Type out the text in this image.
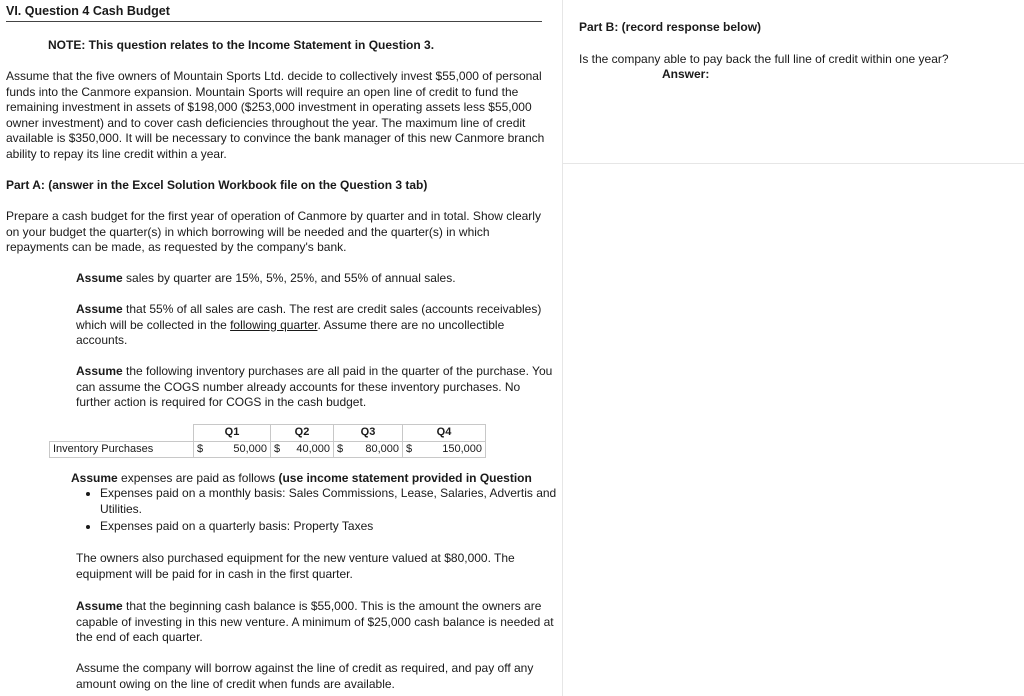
VI. Question 4 Cash Budget
NOTE: This question relates to the Income Statement in Question 3.

Assume that the five owners of Mountain Sports Ltd. decide to collectively invest $55,000 of personal funds into the Canmore expansion. Mountain Sports will require an open line of credit to fund the remaining investment in assets of $198,000 ($253,000 investment in operating assets less $55,000 owner investment) and to cover cash deficiencies throughout the year. The maximum line of credit available is $350,000. It will be necessary to convince the bank manager of this new Canmore branch ability to repay its line credit within a year.

Part A: (answer in the Excel Solution Workbook file on the Question 3 tab)

Prepare a cash budget for the first year of operation of Canmore by quarter and in total. Show clearly on your budget the quarter(s) in which borrowing will be needed and the quarter(s) in which repayments can be made, as requested by the company's bank.

Assume sales by quarter are 15%, 5%, 25%, and 55% of annual sales.

Assume that 55% of all sales are cash. The rest are credit sales (accounts receivables) which will be collected in the following quarter. Assume there are no uncollectible accounts.

Assume the following inventory purchases are all paid in the quarter of the purchase. You can assume the COGS number already accounts for these inventory purchases. No further action is required for COGS in the cash budget.

	Q1		Q2		Q3		Q4	
Inventory Purchases	$	50,000	$	40,000	$	80,000	$	150,000

Assume expenses are paid as follows (use income statement provided in Question

• Expenses paid on a monthly basis: Sales Commissions, Lease, Salaries, Advertis and Utilities.
• Expenses paid on a quarterly basis: Property Taxes

The owners also purchased equipment for the new venture valued at $80,000. The equipment will be paid for in cash in the first quarter.

Assume that the beginning cash balance is $55,000. This is the amount the owners are capable of investing in this new venture. A minimum of $25,000 cash balance is needed at the end of each quarter.

Assume the company will borrow against the line of credit as required, and pay off any amount owing on the line of credit when funds are available.

Part B: (record response below)
Is the company able to pay back the full line of credit within one year?
Answer:
